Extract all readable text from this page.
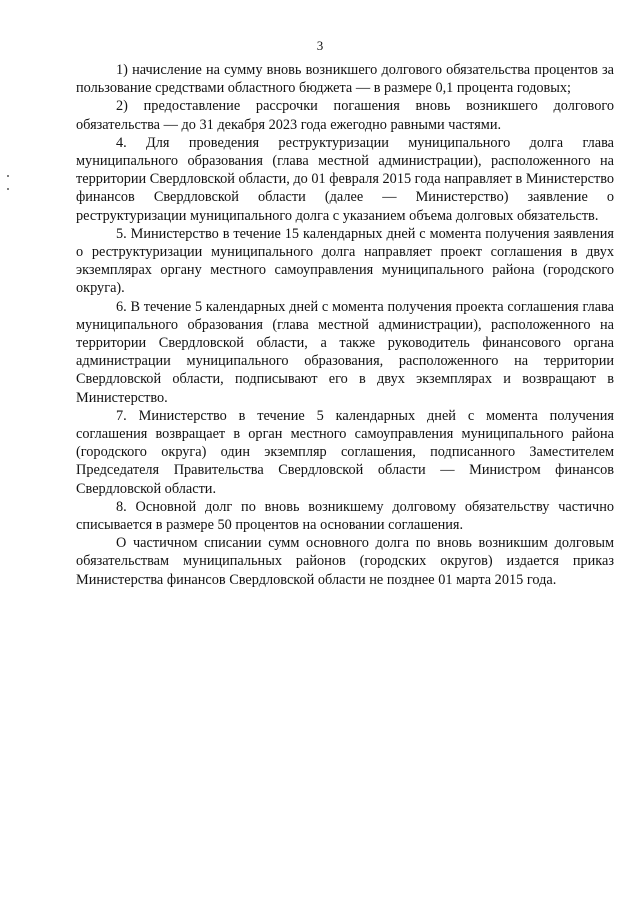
3

1) начисление на сумму вновь возникшего долгового обязательства процентов за пользование средствами областного бюджета — в размере 0,1 процента годовых;

2) предоставление рассрочки погашения вновь возникшего долгового обязательства — до 31 декабря 2023 года ежегодно равными частями.

4. Для проведения реструктуризации муниципального долга глава муниципального образования (глава местной администрации), расположенного на территории Свердловской области, до 01 февраля 2015 года направляет в Министерство финансов Свердловской области (далее — Министерство) заявление о реструктуризации муниципального долга с указанием объема долговых обязательств.

5. Министерство в течение 15 календарных дней с момента получения заявления о реструктуризации муниципального долга направляет проект соглашения в двух экземплярах органу местного самоуправления муниципального района (городского округа).

6. В течение 5 календарных дней с момента получения проекта соглашения глава муниципального образования (глава местной администрации), расположенного на территории Свердловской области, а также руководитель финансового органа администрации муниципального образования, расположенного на территории Свердловской области, подписывают его в двух экземплярах и возвращают в Министерство.

7. Министерство в течение 5 календарных дней с момента получения соглашения возвращает в орган местного самоуправления муниципального района (городского округа) один экземпляр соглашения, подписанного Заместителем Председателя Правительства Свердловской области — Министром финансов Свердловской области.

8. Основной долг по вновь возникшему долговому обязательству частично списывается в размере 50 процентов на основании соглашения.

О частичном списании сумм основного долга по вновь возникшим долговым обязательствам муниципальных районов (городских округов) издается приказ Министерства финансов Свердловской области не позднее 01 марта 2015 года.
